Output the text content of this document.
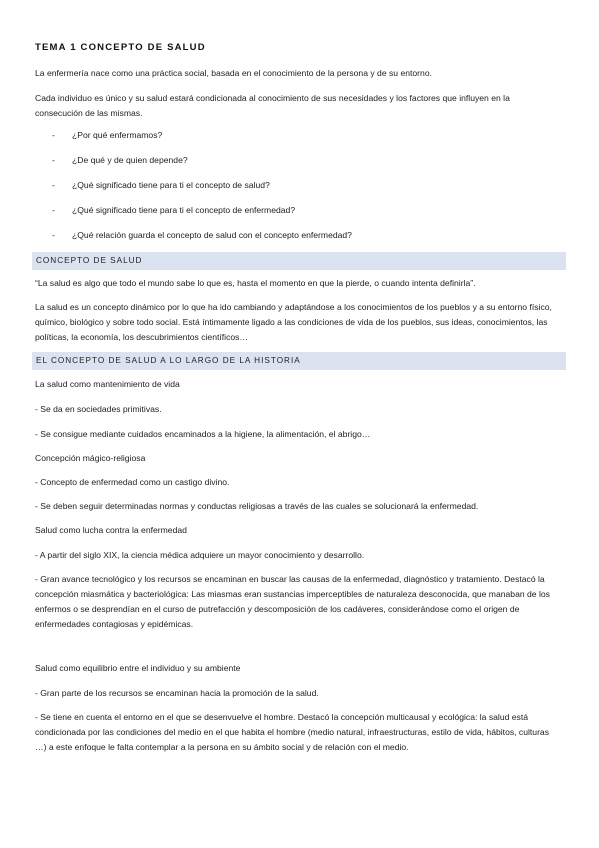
TEMA 1 CONCEPTO DE SALUD
La enfermería nace como una práctica social, basada en el conocimiento de la persona y de su entorno.
Cada individuo es único y su salud estará condicionada al conocimiento de sus necesidades y los factores que influyen en la consecución de las mismas.
- ¿Por qué enfermamos?
- ¿De qué y de quien depende?
- ¿Qué significado tiene para ti el concepto de salud?
- ¿Qué significado tiene para ti el concepto de enfermedad?
- ¿Qué relación guarda el concepto de salud con el concepto enfermedad?
CONCEPTO DE SALUD
“La salud es algo que todo el mundo sabe lo que es, hasta el momento en que la pierde, o cuando intenta definirla”.
La salud es un concepto dinámico por lo que ha ido cambiando y adaptándose a los conocimientos de los pueblos y a su entorno físico, químico, biológico y sobre todo social. Está íntimamente ligado a las condiciones de vida de los pueblos, sus ideas, conocimientos, las políticas, la economía, los descubrimientos científicos…
EL CONCEPTO DE SALUD A LO LARGO DE LA HISTORIA
La salud como mantenimiento de vida
- Se da en sociedades primitivas.
- Se consigue mediante cuidados encaminados a la higiene, la alimentación, el abrigo…
Concepción mágico-religiosa
- Concepto de enfermedad como un castigo divino.
- Se deben seguir determinadas normas y conductas religiosas a través de las cuales se solucionará la enfermedad.
Salud como lucha contra la enfermedad
- A partir del siglo XIX, la ciencia médica adquiere un mayor conocimiento y desarrollo.
- Gran avance tecnológico y los recursos se encaminan en buscar las causas de la enfermedad, diagnóstico y tratamiento. Destacó la concepción miasmática y bacteriológica: Las miasmas eran sustancias imperceptibles de naturaleza desconocida, que manaban de los enfermos o se desprendían en el curso de putrefacción y descomposición de los cadáveres, considerándose como el origen de enfermedades contagiosas y epidémicas.
Salud como equilibrio entre el individuo y su ambiente
- Gran parte de los recursos se encaminan hacia la promoción de la salud.
- Se tiene en cuenta el entorno en el que se desenvuelve el hombre. Destacó la concepción multicausal y ecológica: la salud está condicionada por las condiciones del medio en el que habita el hombre (medio natural, infraestructuras, estilo de vida, hábitos, culturas …) a este enfoque le falta contemplar a la persona en su ámbito social y de relación con el medio.
